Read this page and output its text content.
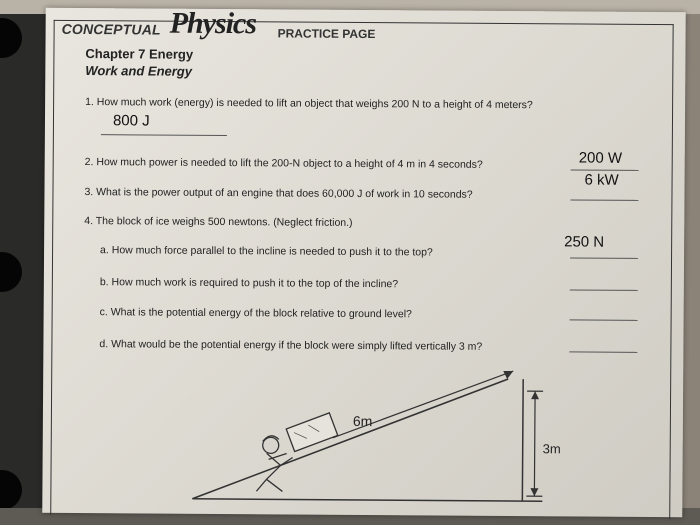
CONCEPTUAL Physics PRACTICE PAGE
Chapter 7 Energy
Work and Energy
1. How much work (energy) is needed to lift an object that weighs 200 N to a height of 4 meters?
800 J
2. How much power is needed to lift the 200-N object to a height of 4 m in 4 seconds?	200 W
3. What is the power output of an engine that does 60,000 J of work in 10 seconds?
6 kW
4. The block of ice weighs 500 newtons. (Neglect friction.)
a. How much force parallel to the incline is needed to push it to the top?
250 N
b. How much work is required to push it to the top of the incline?
c. What is the potential energy of the block relative to ground level?
d. What would be the potential energy if the block were simply lifted vertically 3 m?
6m
3m
